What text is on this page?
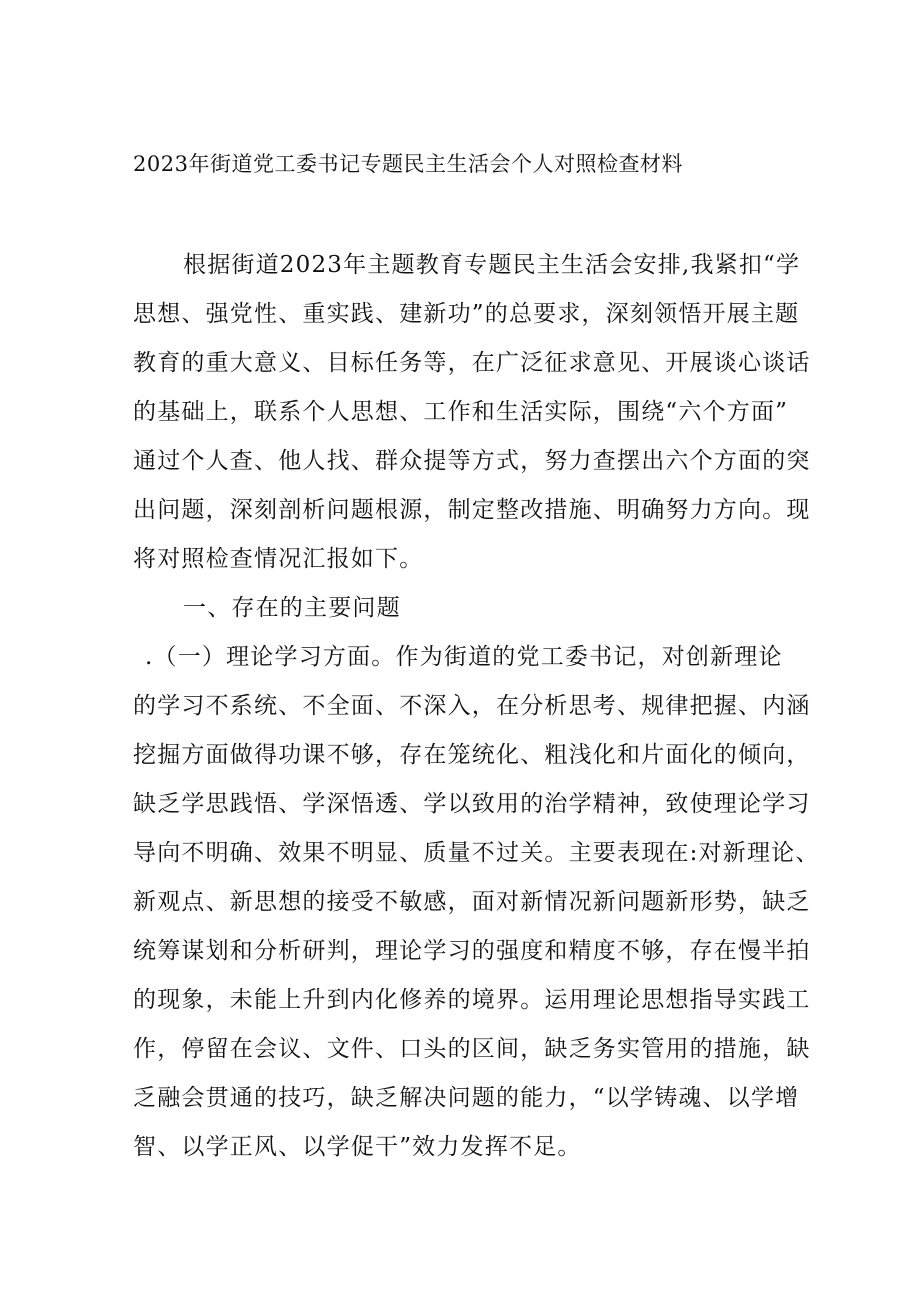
2023年街道党工委书记专题民主生活会个人对照检查材料
根据街道2023年主题教育专题民主生活会安排,我紧扣“学
思想、强党性、重实践、建新功”的总要求，深刻领悟开展主题
教育的重大意义、目标任务等，在广泛征求意见、开展谈心谈话
的基础上，联系个人思想、工作和生活实际，围绕“六个方面”
通过个人查、他人找、群众提等方式，努力查摆出六个方面的突
出问题，深刻剖析问题根源，制定整改措施、明确努力方向。现
将对照检查情况汇报如下。
一、存在的主要问题
.（一）理论学习方面。作为街道的党工委书记，对创新理论
的学习不系统、不全面、不深入，在分析思考、规律把握、内涵
挖掘方面做得功课不够，存在笼统化、粗浅化和片面化的倾向，
缺乏学思践悟、学深悟透、学以致用的治学精神，致使理论学习
导向不明确、效果不明显、质量不过关。主要表现在:对新理论、
新观点、新思想的接受不敏感，面对新情况新问题新形势，缺乏
统筹谋划和分析研判，理论学习的强度和精度不够，存在慢半拍
的现象，未能上升到内化修养的境界。运用理论思想指导实践工
作，停留在会议、文件、口头的区间，缺乏务实管用的措施，缺
乏融会贯通的技巧，缺乏解决问题的能力，“以学铸魂、以学增
智、以学正风、以学促干”效力发挥不足。
